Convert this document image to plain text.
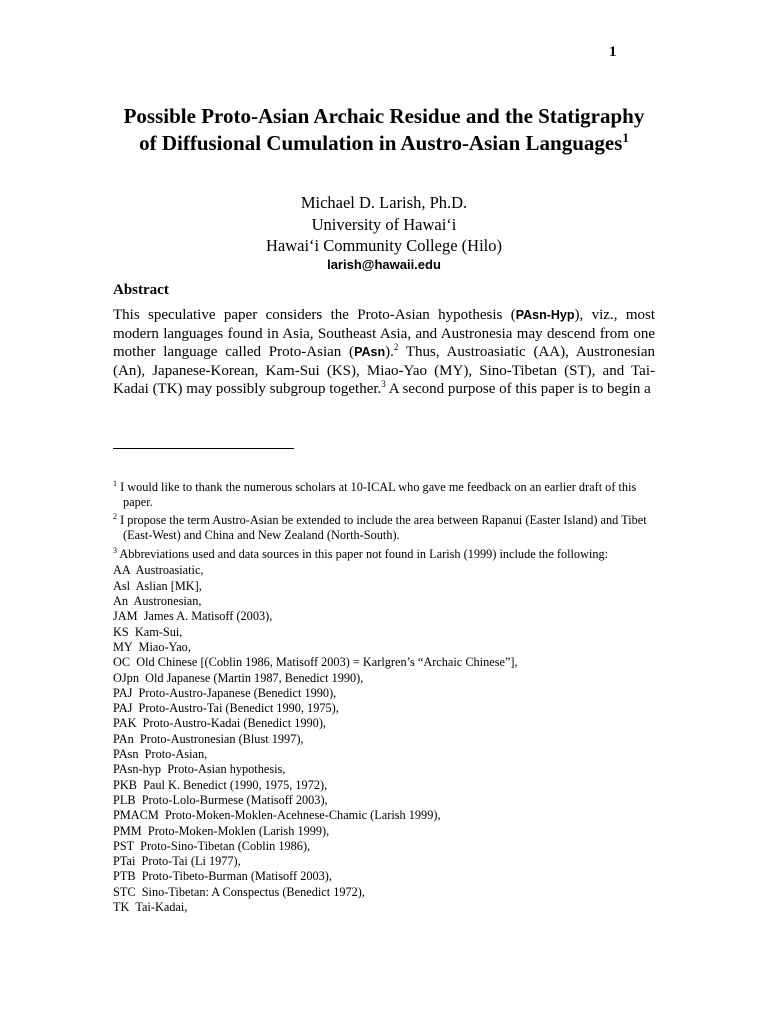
1
Possible Proto-Asian Archaic Residue and the Statigraphy of Diffusional Cumulation in Austro-Asian Languages$^1$
Michael D. Larish, Ph.D.
University of Hawai‘i
Hawai‘i Community College (Hilo)
larish@hawaii.edu
Abstract
This speculative paper considers the Proto-Asian hypothesis (PAsn-Hyp), viz., most modern languages found in Asia, Southeast Asia, and Austronesia may descend from one mother language called Proto-Asian (PAsn).$^2$ Thus, Austroasiatic (AA), Austronesian (An), Japanese-Korean, Kam-Sui (KS), Miao-Yao (MY), Sino-Tibetan (ST), and Tai-Kadai (TK) may possibly subgroup together.$^3$ A second purpose of this paper is to begin a
$^1$ I would like to thank the numerous scholars at 10-ICAL who gave me feedback on an earlier draft of this paper.
$^2$ I propose the term Austro-Asian be extended to include the area between Rapanui (Easter Island) and Tibet (East-West) and China and New Zealand (North-South).
$^3$ Abbreviations used and data sources in this paper not found in Larish (1999) include the following:
AA  Austroasiatic,
Asl  Aslian [MK],
An  Austronesian,
JAM  James A. Matisoff (2003),
KS  Kam-Sui,
MY  Miao-Yao,
OC  Old Chinese [(Coblin 1986, Matisoff 2003) = Karlgren’s “Archaic Chinese”],
OJpn  Old Japanese (Martin 1987, Benedict 1990),
PAJ  Proto-Austro-Japanese (Benedict 1990),
PAJ  Proto-Austro-Tai (Benedict 1990, 1975),
PAK  Proto-Austro-Kadai (Benedict 1990),
PAn  Proto-Austronesian (Blust 1997),
PAsn  Proto-Asian,
PAsn-hyp  Proto-Asian hypothesis,
PKB  Paul K. Benedict (1990, 1975, 1972),
PLB  Proto-Lolo-Burmese (Matisoff 2003),
PMACM  Proto-Moken-Moklen-Acehnese-Chamic (Larish 1999),
PMM  Proto-Moken-Moklen (Larish 1999),
PST  Proto-Sino-Tibetan (Coblin 1986),
PTai  Proto-Tai (Li 1977),
PTB  Proto-Tibeto-Burman (Matisoff 2003),
STC  Sino-Tibetan: A Conspectus (Benedict 1972),
TK  Tai-Kadai,
